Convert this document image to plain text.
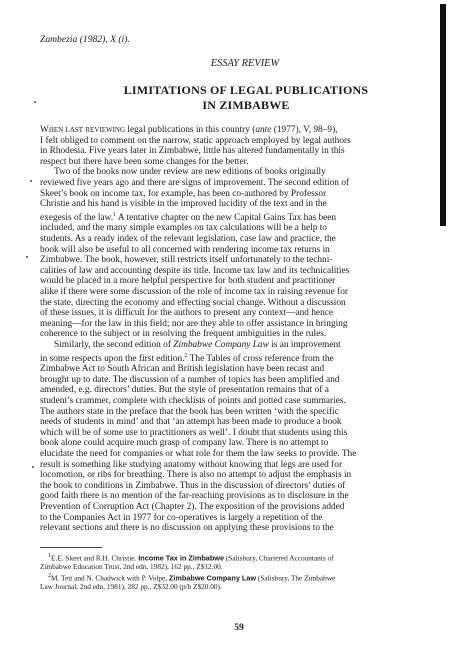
Zambezia (1982), X (i).
ESSAY REVIEW
LIMITATIONS OF LEGAL PUBLICATIONS
IN ZIMBABWE

When last reviewing legal publications in this country (ante (1977), V, 98–9),

I felt obliged to comment on the narrow, static approach employed by legal authors

in Rhodesia. Five years later in Zimbabwe, little has altered fundamentally in this

respect but there have been some changes for the better.

Two of the books now under review are new editions of books originally

reviewed five years ago and there are signs of improvement. The second edition of

Skeet’s book on income tax, for example, has been co-authored by Professor

Christie and his hand is visible in the improved lucidity of the text and in the

exegesis of the law.$^1$ A tentative chapter on the new Capital Gains Tax has been

included, and the many simple examples on tax calculations will be a help to

students. As a ready index of the relevant legislation, case law and practice, the

book will also be useful to all concerned with rendering income tax returns in

Zimbabwe. The book, however, still restricts itself unfortunately to the techni-

calities of law and accounting despite its title. Income tax law and its technicalities

would be placed in a more helpful perspective for both student and practitioner

alike if there were some discussion of the role of income tax in raising revenue for

the state, directing the economy and effecting social change. Without a discussion

of these issues, it is difficult for the authors to present any context—and hence

meaning—for the law in this field; nor are they able to offer assistance in bringing

coherence to the subject or in resolving the frequent ambiguities in the rules.

Similarly, the second edition of Zimbabwe Company Law is an improvement

in some respects upon the first edition.$^2$ The Tables of cross reference from the

Zimbabwe Act to South African and British legislation have been recast and

brought up to date. The discussion of a number of topics has been amplified and

amended, e.g. directors’ duties. But the style of presentation remains that of a

student’s crammer, complete with checklists of points and potted case summaries.

The authors state in the preface that the book has been written ‘with the specific

needs of students in mind’ and that ‘an attempt has been made to produce a book

which will be of some use to practitioners as well’. I doubt that students using this

book alone could acquire much grasp of company law. There is no attempt to

elucidate the need for companies or what role for them the law seeks to provide. The

result is something like studying anatomy without knowing that legs are used for

locomotion, or ribs for breathing. There is also no attempt to adjust the emphasis in

the book to conditions in Zimbabwe. Thus in the discussion of directors’ duties of

good faith there is no mention of the far-reaching provisions as to disclosure in the

Prevention of Corruption Act (Chapter 2). The exposition of the provisions added

to the Companies Act in 1977 for co-operatives is largely a repetition of the

relevant sections and there is no discussion on applying these provisions to the

$^1$E.E. Skeet and R.H. Christie. Income Tax in Zimbabwe (Salisbury, Chartered Accountants of
Zimbabwe Education Trust, 2nd edn, 1982), 162 pp., Z$12.00.
$^2$M. Tett and N. Chadwick with P. Volpe, Zimbabwe Company Law (Salisbury, The Zimbabwe
Law Journal, 2nd edn, 1981), 282 pp., Z$32.00 (p/b Z$20.00).
59
